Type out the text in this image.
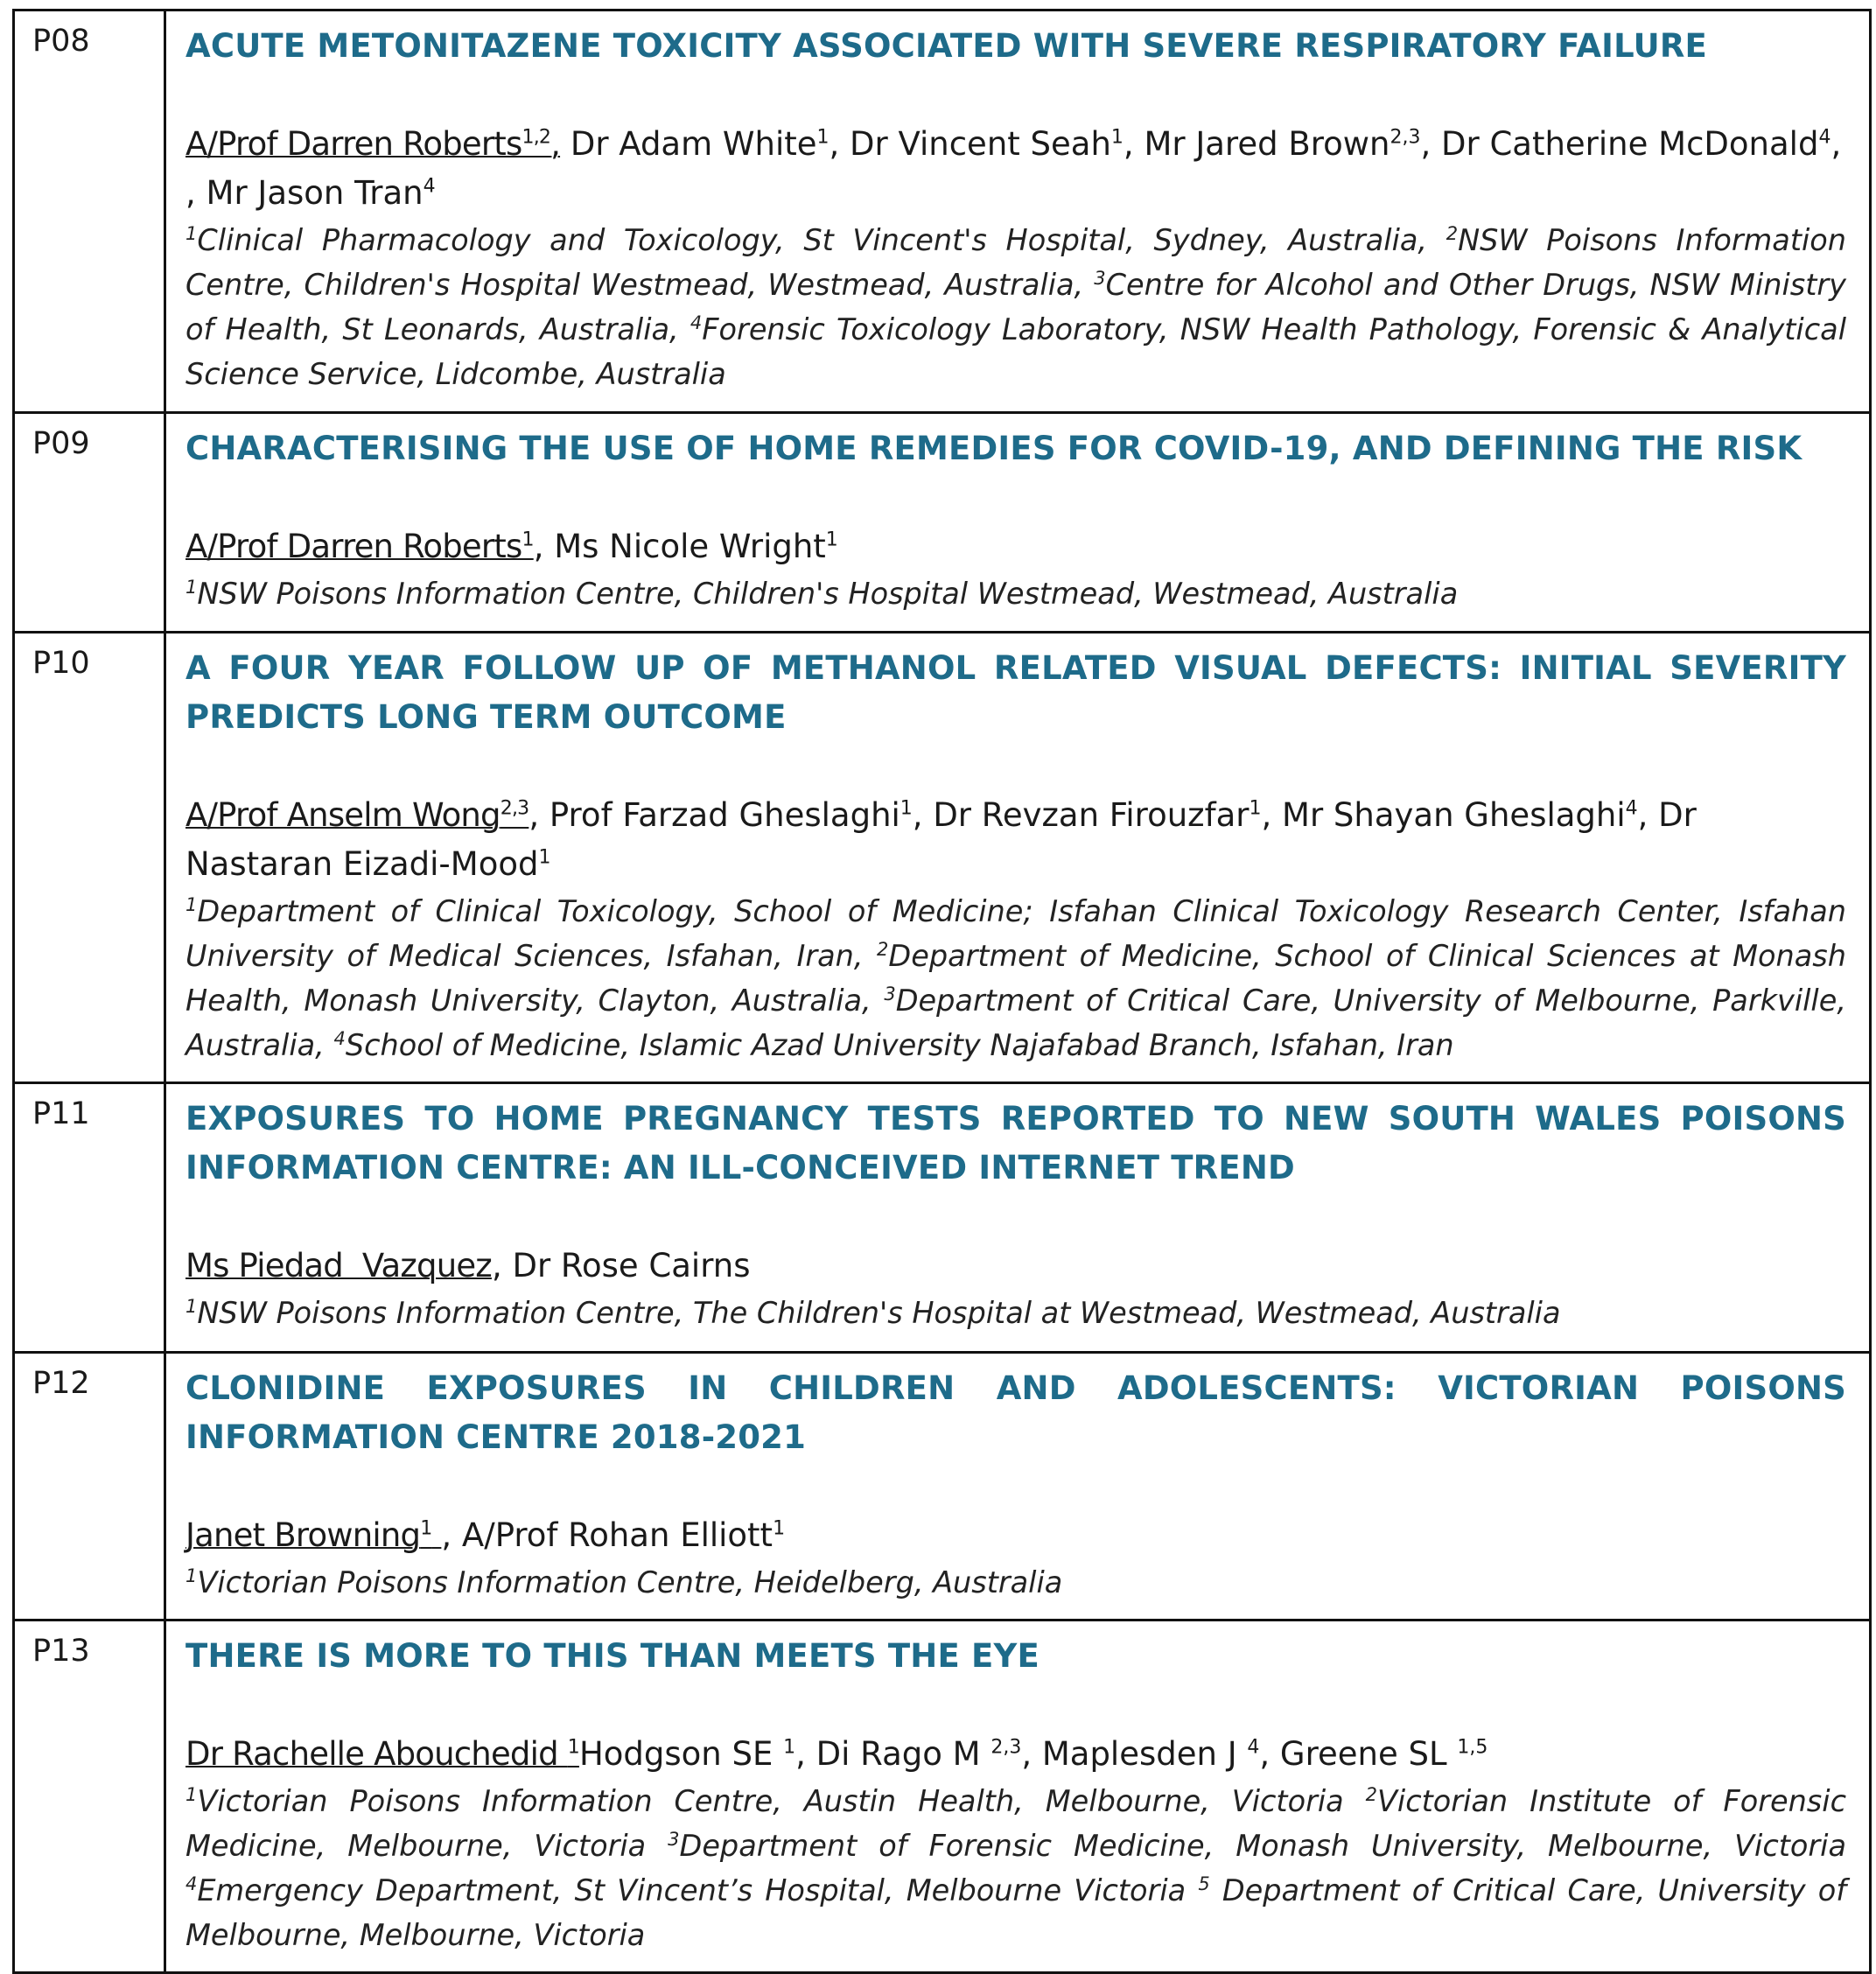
P08	ACUTE METONITAZENE TOXICITY ASSOCIATED WITH SEVERE RESPIRATORY FAILURE
A/Prof Darren Roberts$^{1,2}$, Dr Adam White$^1$, Dr Vincent Seah$^1$, Mr Jared Brown$^{2,3}$, Dr Catherine McDonald$^4$, , Mr Jason Tran$^4$
$^1$Clinical Pharmacology and Toxicology, St Vincent's Hospital, Sydney, Australia, $^2$NSW Poisons Information Centre, Children's Hospital Westmead, Westmead, Australia, $^3$Centre for Alcohol and Other Drugs, NSW Ministry of Health, St Leonards, Australia, $^4$Forensic Toxicology Laboratory, NSW Health Pathology, Forensic & Analytical Science Service, Lidcombe, Australia

P09	CHARACTERISING THE USE OF HOME REMEDIES FOR COVID-19, AND DEFINING THE RISK
A/Prof Darren Roberts$^1$, Ms Nicole Wright$^1$
$^1$NSW Poisons Information Centre, Children's Hospital Westmead, Westmead, Australia

P10	A FOUR YEAR FOLLOW UP OF METHANOL RELATED VISUAL DEFECTS: INITIAL SEVERITY PREDICTS LONG TERM OUTCOME
A/Prof Anselm Wong$^{2,3}$, Prof Farzad Gheslaghi$^1$, Dr Revzan Firouzfar$^1$, Mr Shayan Gheslaghi$^4$, Dr Nastaran Eizadi-Mood$^1$
$^1$Department of Clinical Toxicology, School of Medicine; Isfahan Clinical Toxicology Research Center, Isfahan University of Medical Sciences, Isfahan, Iran, $^2$Department of Medicine, School of Clinical Sciences at Monash Health, Monash University, Clayton, Australia, $^3$Department of Critical Care, University of Melbourne, Parkville, Australia, $^4$School of Medicine, Islamic Azad University Najafabad Branch, Isfahan, Iran

P11	EXPOSURES TO HOME PREGNANCY TESTS REPORTED TO NEW SOUTH WALES POISONS INFORMATION CENTRE: AN ILL-CONCEIVED INTERNET TREND
Ms Piedad  Vazquez, Dr Rose Cairns
$^1$NSW Poisons Information Centre, The Children's Hospital at Westmead, Westmead, Australia

P12	CLONIDINE EXPOSURES IN CHILDREN AND ADOLESCENTS: VICTORIAN POISONS INFORMATION CENTRE 2018-2021
Janet Browning$^1$ , A/Prof Rohan Elliott$^1$
$^1$Victorian Poisons Information Centre, Heidelberg, Australia

P13	THERE IS MORE TO THIS THAN MEETS THE EYE
Dr Rachelle Abouchedid $^1$Hodgson SE $^1$, Di Rago M $^{2,3}$, Maplesden J $^4$, Greene SL $^{1,5}$
$^1$Victorian Poisons Information Centre, Austin Health, Melbourne, Victoria $^2$Victorian Institute of Forensic Medicine, Melbourne, Victoria $^3$Department of Forensic Medicine, Monash University, Melbourne, Victoria $^4$Emergency Department, St Vincent’s Hospital, Melbourne Victoria $^5$ Department of Critical Care, University of Melbourne, Melbourne, Victoria
